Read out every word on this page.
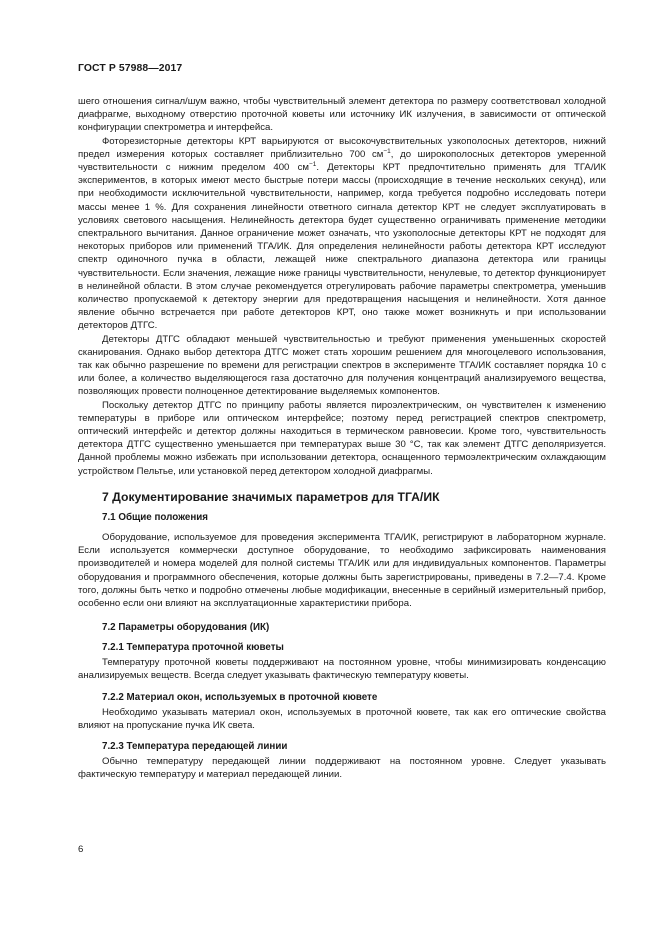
ГОСТ Р 57988—2017

шего отношения сигнал/шум важно, чтобы чувствительный элемент детектора по размеру соответствовал холодной диафрагме, выходному отверстию проточной кюветы или источнику ИК излучения, в зависимости от оптической конфигурации спектрометра и интерфейса.

Фоторезисторные детекторы КРТ варьируются от высокочувствительных узкополосных детекторов, нижний предел измерения которых составляет приблизительно 700 $см^{-1}$, до широкополосных детекторов умеренной чувствительности с нижним пределом 400 $см^{-1}$. Детекторы КРТ предпочтительно применять для ТГА/ИК экспериментов, в которых имеют место быстрые потери массы (происходящие в течение нескольких секунд), или при необходимости исключительной чувствительности, например, когда требуется подробно исследовать потери массы менее 1 %. Для сохранения линейности ответного сигнала детектор КРТ не следует эксплуатировать в условиях светового насыщения. Нелинейность детектора будет существенно ограничивать применение методики спектрального вычитания. Данное ограничение может означать, что узкополосные детекторы КРТ не подходят для некоторых приборов или применений ТГА/ИК. Для определения нелинейности работы детектора КРТ исследуют спектр одиночного пучка в области, лежащей ниже спектрального диапазона детектора или границы чувствительности. Если значения, лежащие ниже границы чувствительности, ненулевые, то детектор функционирует в нелинейной области. В этом случае рекомендуется отрегулировать рабочие параметры спектрометра, уменьшив количество пропускаемой к детектору энергии для предотвращения насыщения и нелинейности. Хотя данное явление обычно встречается при работе детекторов КРТ, оно также может возникнуть и при использовании детекторов ДТГС.

Детекторы ДТГС обладают меньшей чувствительностью и требуют применения уменьшенных скоростей сканирования. Однако выбор детектора ДТГС может стать хорошим решением для многоцелевого использования, так как обычно разрешение по времени для регистрации спектров в эксперименте ТГА/ИК составляет порядка 10 с или более, а количество выделяющегося газа достаточно для получения концентраций анализируемого вещества, позволяющих провести полноценное детектирование выделяемых компонентов.

Поскольку детектор ДТГС по принципу работы является пироэлектрическим, он чувствителен к изменению температуры в приборе или оптическом интерфейсе; поэтому перед регистрацией спектров спектрометр, оптический интерфейс и детектор должны находиться в термическом равновесии. Кроме того, чувствительность детектора ДТГС существенно уменьшается при температурах выше 30 °С, так как элемент ДТГС деполяризуется. Данной проблемы можно избежать при использовании детектора, оснащенного термоэлектрическим охлаждающим устройством Пельтье, или установкой перед детектором холодной диафрагмы.

7 Документирование значимых параметров для ТГА/ИК
7.1 Общие положения

Оборудование, используемое для проведения эксперимента ТГА/ИК, регистрируют в лабораторном журнале. Если используется коммерчески доступное оборудование, то необходимо зафиксировать наименования производителей и номера моделей для полной системы ТГА/ИК или для индивидуальных компонентов. Параметры оборудования и программного обеспечения, которые должны быть зарегистрированы, приведены в 7.2—7.4. Кроме того, должны быть четко и подробно отмечены любые модификации, внесенные в серийный измерительный прибор, особенно если они влияют на эксплуатационные характеристики прибора.

7.2 Параметры оборудования (ИК)
7.2.1 Температура проточной кюветы

Температуру проточной кюветы поддерживают на постоянном уровне, чтобы минимизировать конденсацию анализируемых веществ. Всегда следует указывать фактическую температуру кюветы.

7.2.2 Материал окон, используемых в проточной кювете

Необходимо указывать материал окон, используемых в проточной кювете, так как его оптические свойства влияют на пропускание пучка ИК света.

7.2.3 Температура передающей линии

Обычно температуру передающей линии поддерживают на постоянном уровне. Следует указывать фактическую температуру и материал передающей линии.

6
